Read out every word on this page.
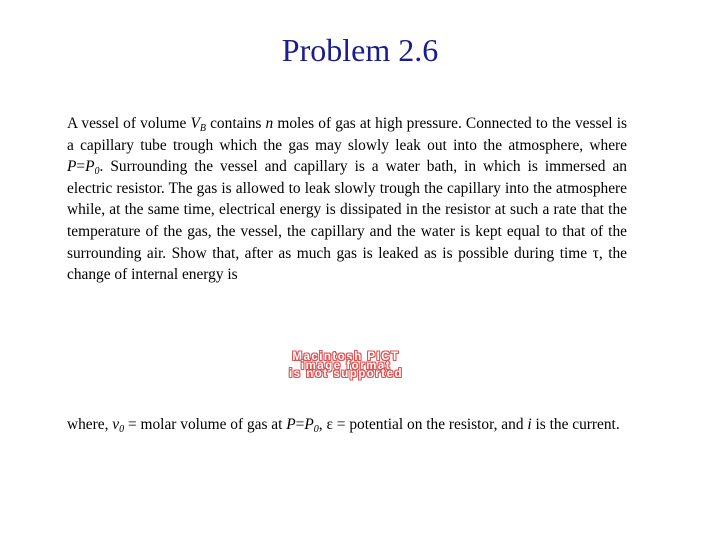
Problem 2.6
A vessel of volume $V_B$ contains n moles of gas at high pressure. Connected to the vessel is a capillary tube trough which the gas may slowly leak out into the atmosphere, where $P=P_0$. Surrounding the vessel and capillary is a water bath, in which is immersed an electric resistor. The gas is allowed to leak slowly trough the capillary into the atmosphere while, at the same time, electrical energy is dissipated in the resistor at such a rate that the temperature of the gas, the vessel, the capillary and the water is kept equal to that of the surrounding air. Show that, after as much gas is leaked as is possible during time τ, the change of internal energy is
Macintosh PICT
image format
is not supported
where, $v_0$ = molar volume of gas at $P=P_0$, ε = potential on the resistor, and i is the current.
